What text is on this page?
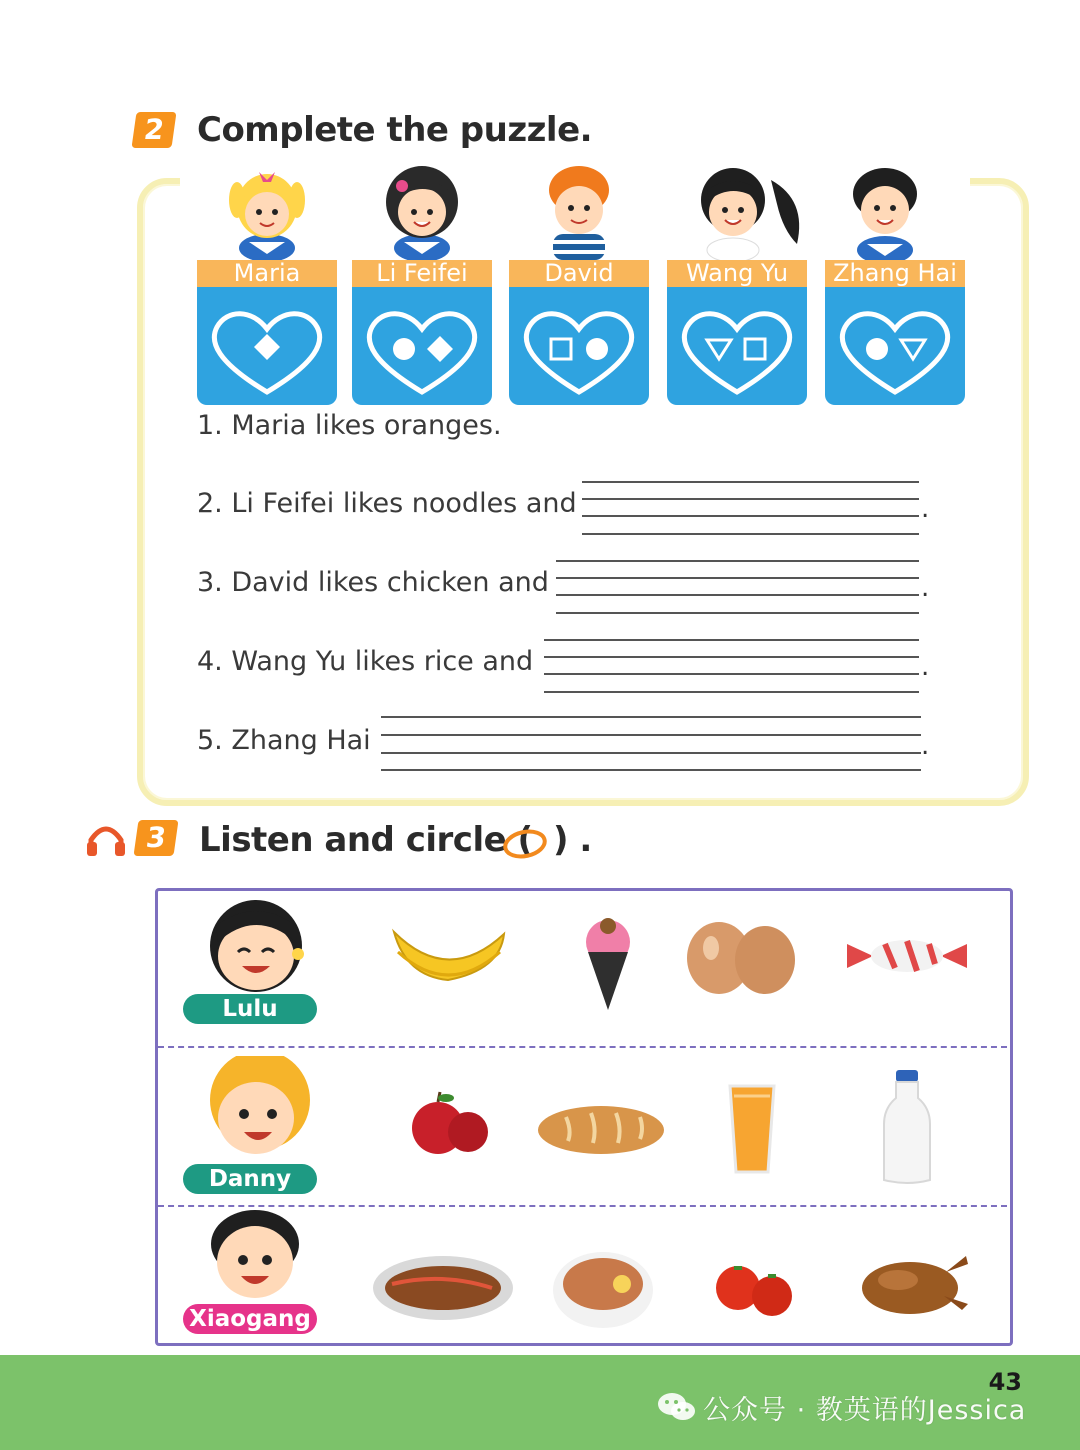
2 Complete the puzzle.
Maria	Li Feifei	David	Wang Yu	Zhang Hai
1. Maria likes oranges.
2. Li Feifei likes noodles and	.
3. David likes chicken and	.
4. Wang Yu likes rice and	.
5. Zhang Hai	.
3 Listen and circle ( ) .
Lulu
Danny
Xiaogang
43
公众号 · 教英语的Jessica
